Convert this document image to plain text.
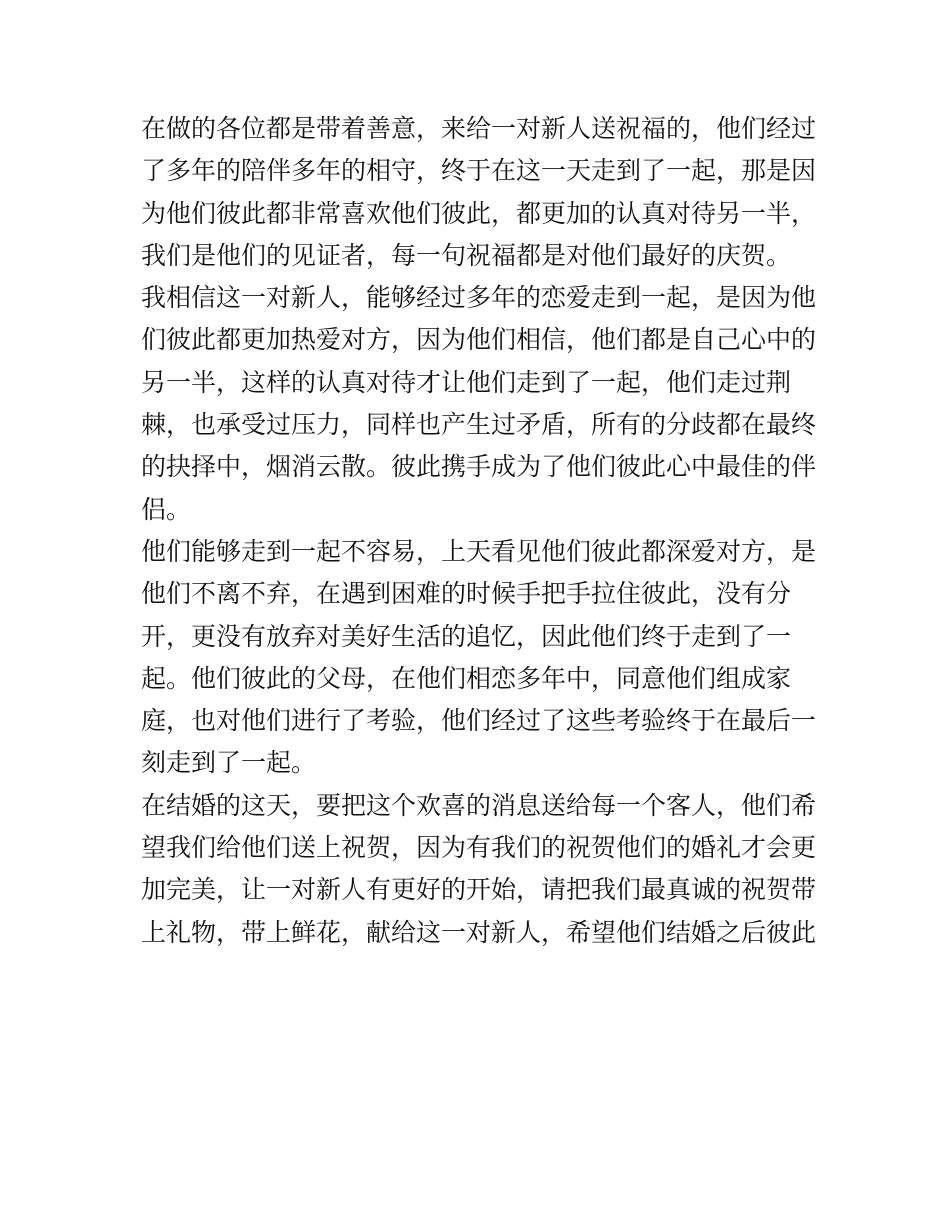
在做的各位都是带着善意，来给一对新人送祝福的，他们经过
了多年的陪伴多年的相守，终于在这一天走到了一起，那是因
为他们彼此都非常喜欢他们彼此，都更加的认真对待另一半，
我们是他们的见证者，每一句祝福都是对他们最好的庆贺。
我相信这一对新人，能够经过多年的恋爱走到一起，是因为他
们彼此都更加热爱对方，因为他们相信，他们都是自己心中的
另一半，这样的认真对待才让他们走到了一起，他们走过荆
棘，也承受过压力，同样也产生过矛盾，所有的分歧都在最终
的抉择中，烟消云散。彼此携手成为了他们彼此心中最佳的伴
侣。
他们能够走到一起不容易，上天看见他们彼此都深爱对方，是
他们不离不弃，在遇到困难的时候手把手拉住彼此，没有分
开，更没有放弃对美好生活的追忆，因此他们终于走到了一
起。他们彼此的父母，在他们相恋多年中，同意他们组成家
庭，也对他们进行了考验，他们经过了这些考验终于在最后一
刻走到了一起。
在结婚的这天，要把这个欢喜的消息送给每一个客人，他们希
望我们给他们送上祝贺，因为有我们的祝贺他们的婚礼才会更
加完美，让一对新人有更好的开始，请把我们最真诚的祝贺带
上礼物，带上鲜花，献给这一对新人，希望他们结婚之后彼此
